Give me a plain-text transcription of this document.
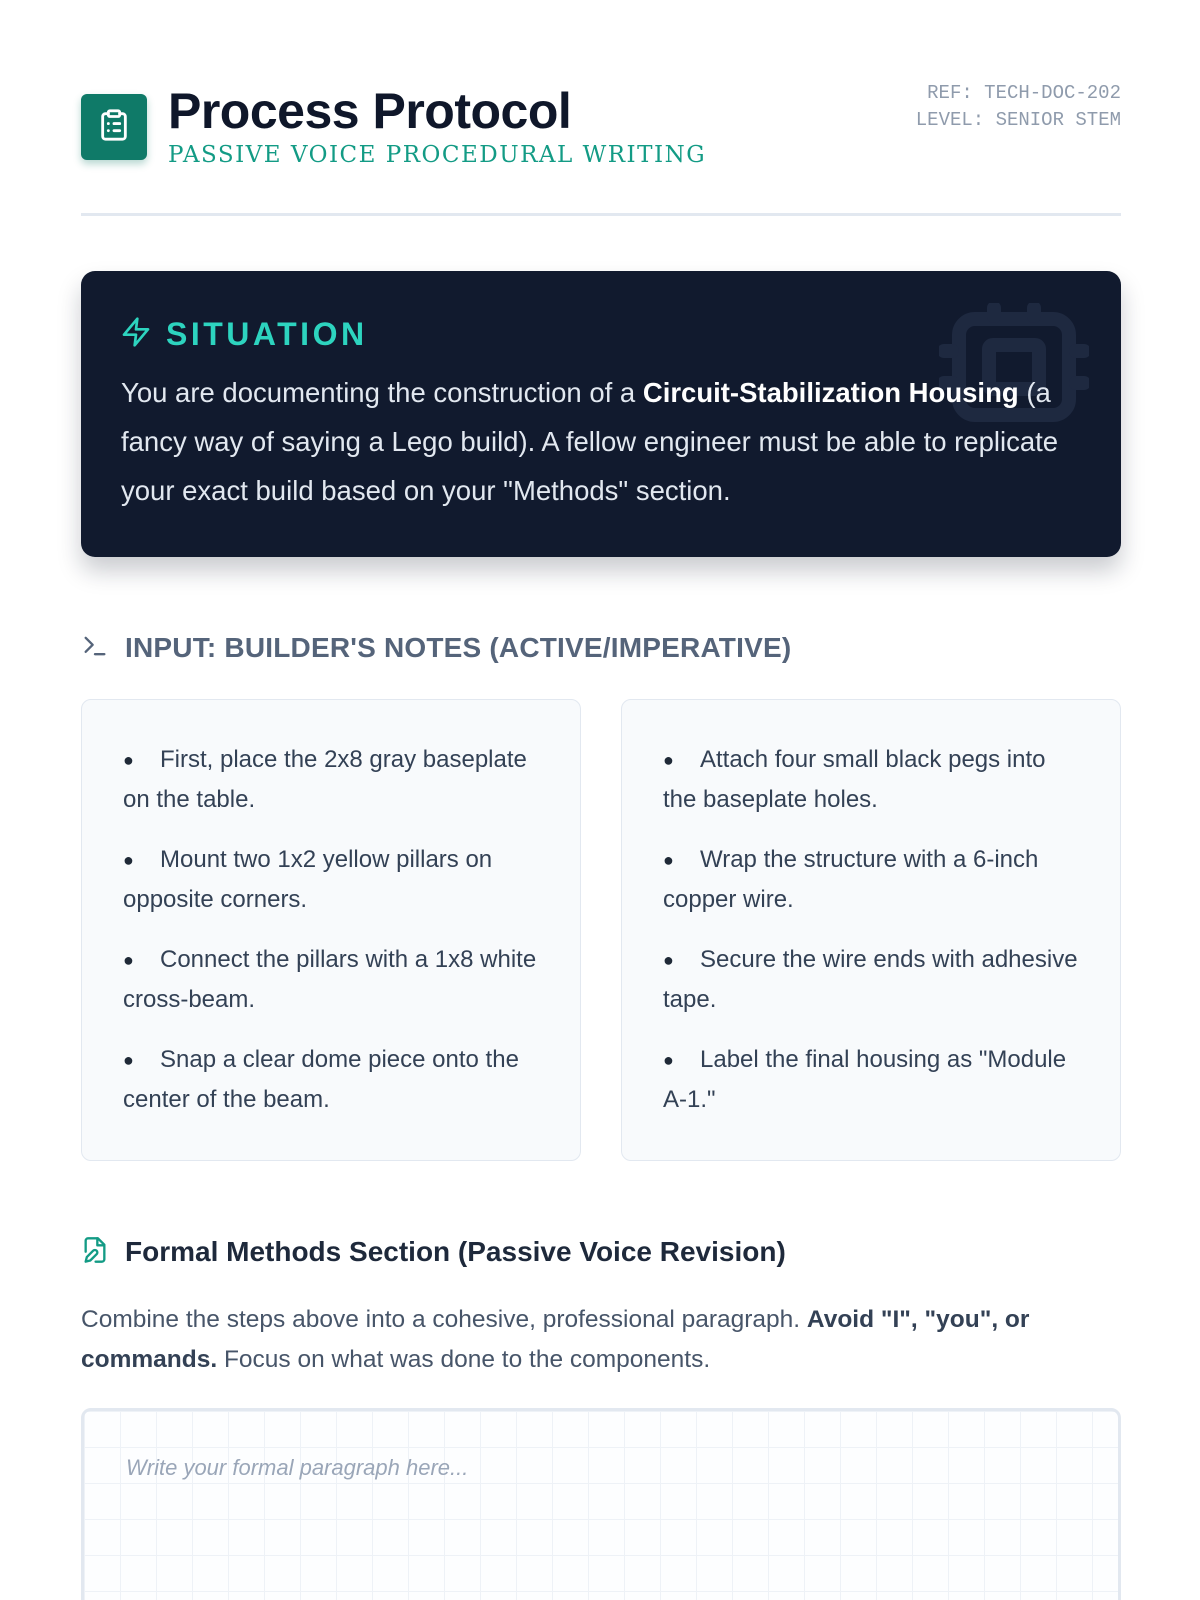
Process Protocol
PASSIVE VOICE PROCEDURAL WRITING
REF: TECH-DOC-202
LEVEL: SENIOR STEM
SITUATION

You are documenting the construction of a Circuit-Stabilization Housing (a fancy way of saying a Lego build). A fellow engineer must be able to replicate your exact build based on your "Methods" section.

INPUT: BUILDER'S NOTES (ACTIVE/IMPERATIVE)
● First, place the 2x8 gray baseplate on the table.
● Mount two 1x2 yellow pillars on opposite corners.
● Connect the pillars with a 1x8 white cross-beam.
● Snap a clear dome piece onto the center of the beam.
● Attach four small black pegs into the baseplate holes.
● Wrap the structure with a 6-inch copper wire.
● Secure the wire ends with adhesive tape.
● Label the final housing as "Module A-1."
Formal Methods Section (Passive Voice Revision)

Combine the steps above into a cohesive, professional paragraph. Avoid "I", "you", or commands. Focus on what was done to the components.

Write your formal paragraph here...
